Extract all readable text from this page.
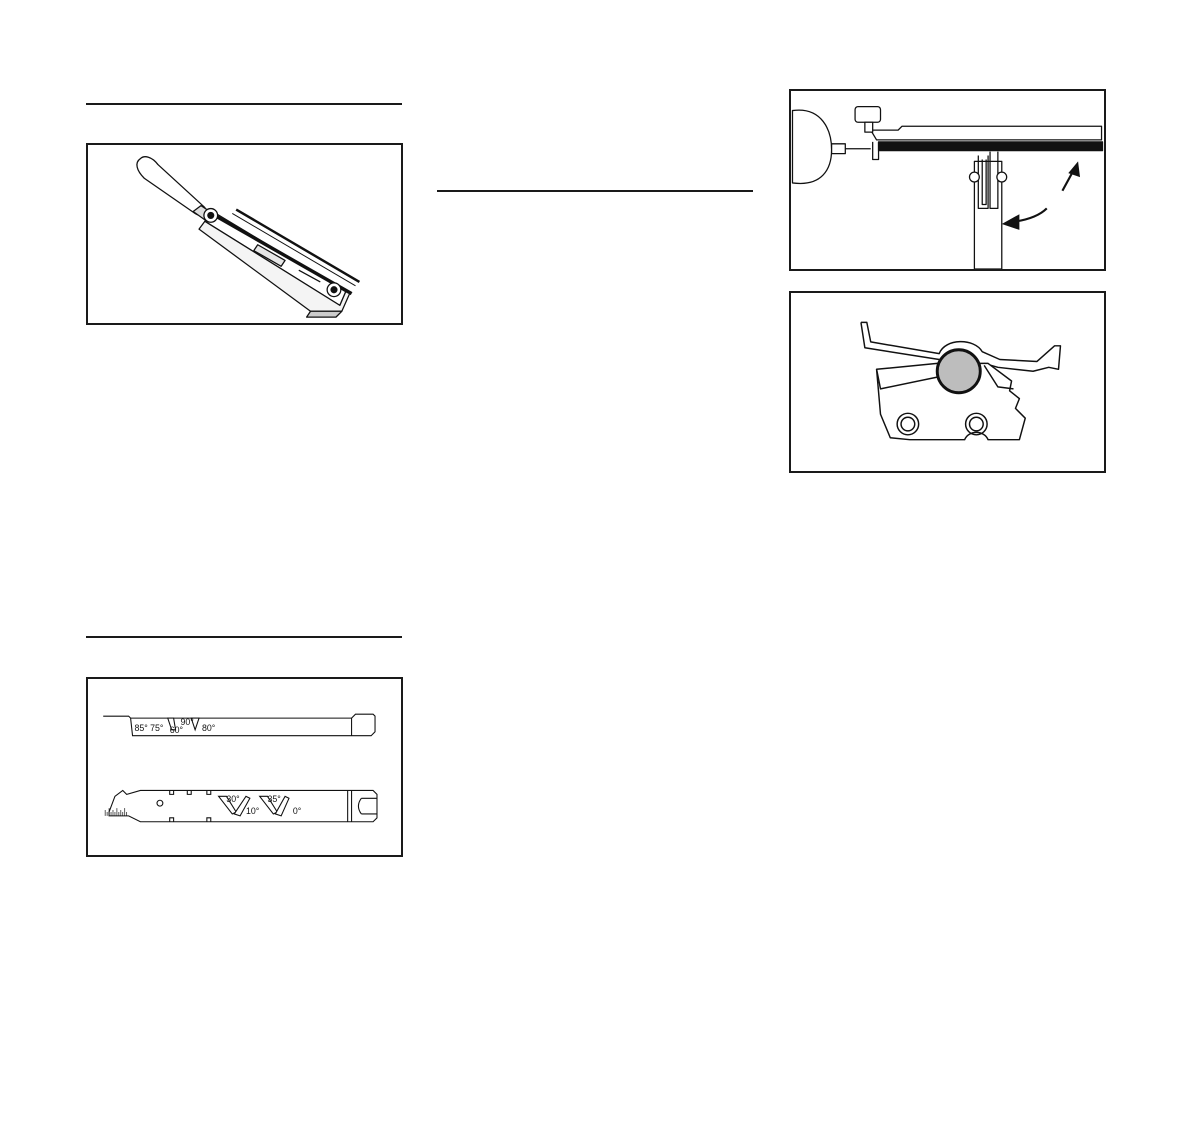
85° 75° 60°
90°
80°
30°
10°
35°
0°
